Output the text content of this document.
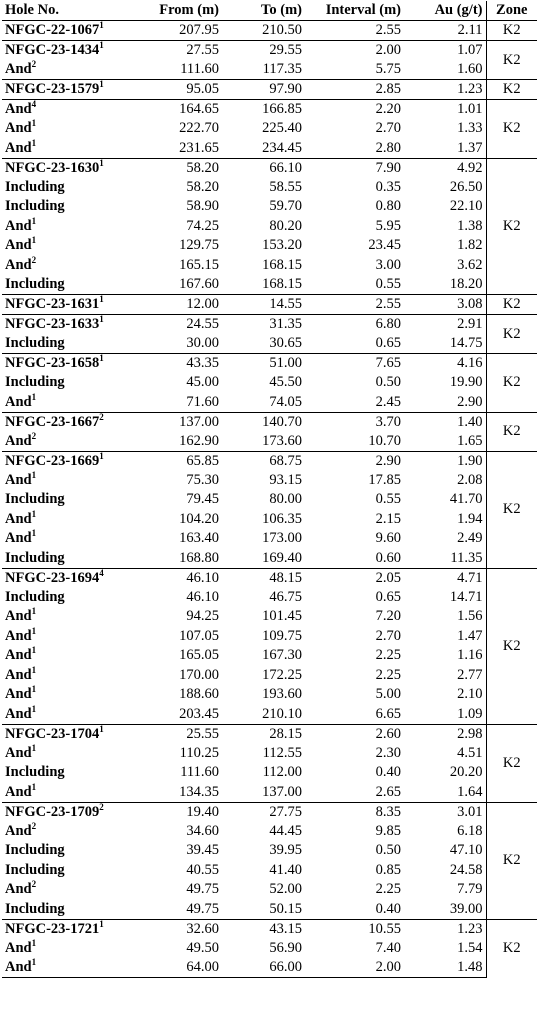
Hole No.	From (m)	To (m)	Interval (m)	Au (g/t)	Zone
NFGC-22-1067$^1$	207.95	210.50	2.55	2.11	K2
NFGC-23-1434$^1$	27.55	29.55	2.00	1.07	K2
And$^2$	111.60	117.35	5.75	1.60	
NFGC-23-1579$^1$	95.05	97.90	2.85	1.23	K2
And$^4$	164.65	166.85	2.20	1.01	K2
And$^1$	222.70	225.40	2.70	1.33	
And$^1$	231.65	234.45	2.80	1.37	
NFGC-23-1630$^1$	58.20	66.10	7.90	4.92	K2
Including	58.20	58.55	0.35	26.50	
Including	58.90	59.70	0.80	22.10	
And$^1$	74.25	80.20	5.95	1.38	
And$^1$	129.75	153.20	23.45	1.82	
And$^2$	165.15	168.15	3.00	3.62	
Including	167.60	168.15	0.55	18.20	
NFGC-23-1631$^1$	12.00	14.55	2.55	3.08	K2
NFGC-23-1633$^1$	24.55	31.35	6.80	2.91	K2
Including	30.00	30.65	0.65	14.75	
NFGC-23-1658$^1$	43.35	51.00	7.65	4.16	K2
Including	45.00	45.50	0.50	19.90	
And$^1$	71.60	74.05	2.45	2.90	
NFGC-23-1667$^2$	137.00	140.70	3.70	1.40	K2
And$^2$	162.90	173.60	10.70	1.65	
NFGC-23-1669$^1$	65.85	68.75	2.90	1.90	K2
And$^1$	75.30	93.15	17.85	2.08	
Including	79.45	80.00	0.55	41.70	
And$^1$	104.20	106.35	2.15	1.94	
And$^1$	163.40	173.00	9.60	2.49	
Including	168.80	169.40	0.60	11.35	
NFGC-23-1694$^4$	46.10	48.15	2.05	4.71	K2
Including	46.10	46.75	0.65	14.71	
And$^1$	94.25	101.45	7.20	1.56	
And$^1$	107.05	109.75	2.70	1.47	
And$^1$	165.05	167.30	2.25	1.16	
And$^1$	170.00	172.25	2.25	2.77	
And$^1$	188.60	193.60	5.00	2.10	
And$^1$	203.45	210.10	6.65	1.09	
NFGC-23-1704$^1$	25.55	28.15	2.60	2.98	K2
And$^1$	110.25	112.55	2.30	4.51	
Including	111.60	112.00	0.40	20.20	
And$^1$	134.35	137.00	2.65	1.64	
NFGC-23-1709$^2$	19.40	27.75	8.35	3.01	K2
And$^2$	34.60	44.45	9.85	6.18	
Including	39.45	39.95	0.50	47.10	
Including	40.55	41.40	0.85	24.58	
And$^2$	49.75	52.00	2.25	7.79	
Including	49.75	50.15	0.40	39.00	
NFGC-23-1721$^1$	32.60	43.15	10.55	1.23	K2
And$^1$	49.50	56.90	7.40	1.54	
And$^1$	64.00	66.00	2.00	1.48	
